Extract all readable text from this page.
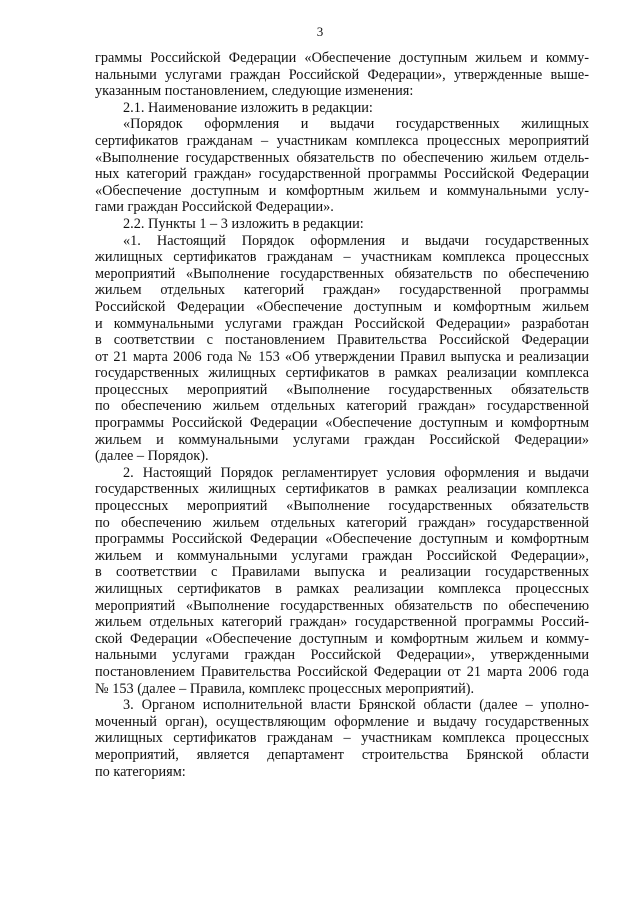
3
граммы Российской Федерации «Обеспечение доступным жильем и комму-
нальными услугами граждан Российской Федерации», утвержденные выше-
указанным постановлением, следующие изменения:
2.1. Наименование изложить в редакции:
«Порядок оформления и выдачи государственных жилищных
сертификатов гражданам – участникам комплекса процессных мероприятий
«Выполнение государственных обязательств по обеспечению жильем отдель-
ных категорий граждан» государственной программы Российской Федерации
«Обеспечение доступным и комфортным жильем и коммунальными услу-
гами граждан Российской Федерации».
2.2. Пункты 1 – 3 изложить в редакции:
«1. Настоящий Порядок оформления и выдачи государственных
жилищных сертификатов гражданам – участникам комплекса процессных
мероприятий «Выполнение государственных обязательств по обеспечению
жильем отдельных категорий граждан» государственной программы
Российской Федерации «Обеспечение доступным и комфортным жильем
и коммунальными услугами граждан Российской Федерации» разработан
в соответствии с постановлением Правительства Российской Федерации
от 21 марта 2006 года № 153 «Об утверждении Правил выпуска и реализации
государственных жилищных сертификатов в рамках реализации комплекса
процессных мероприятий «Выполнение государственных обязательств
по обеспечению жильем отдельных категорий граждан» государственной
программы Российской Федерации «Обеспечение доступным и комфортным
жильем и коммунальными услугами граждан Российской Федерации»
(далее – Порядок).
2. Настоящий Порядок регламентирует условия оформления и выдачи
государственных жилищных сертификатов в рамках реализации комплекса
процессных мероприятий «Выполнение государственных обязательств
по обеспечению жильем отдельных категорий граждан» государственной
программы Российской Федерации «Обеспечение доступным и комфортным
жильем и коммунальными услугами граждан Российской Федерации»,
в соответствии с Правилами выпуска и реализации государственных
жилищных сертификатов в рамках реализации комплекса процессных
мероприятий «Выполнение государственных обязательств по обеспечению
жильем отдельных категорий граждан» государственной программы Россий-
ской Федерации «Обеспечение доступным и комфортным жильем и комму-
нальными услугами граждан Российской Федерации», утвержденными
постановлением Правительства Российской Федерации от 21 марта 2006 года
№ 153 (далее – Правила, комплекс процессных мероприятий).
3. Органом исполнительной власти Брянской области (далее – уполно-
моченный орган), осуществляющим оформление и выдачу государственных
жилищных сертификатов гражданам – участникам комплекса процессных
мероприятий, является департамент строительства Брянской области
по категориям:
